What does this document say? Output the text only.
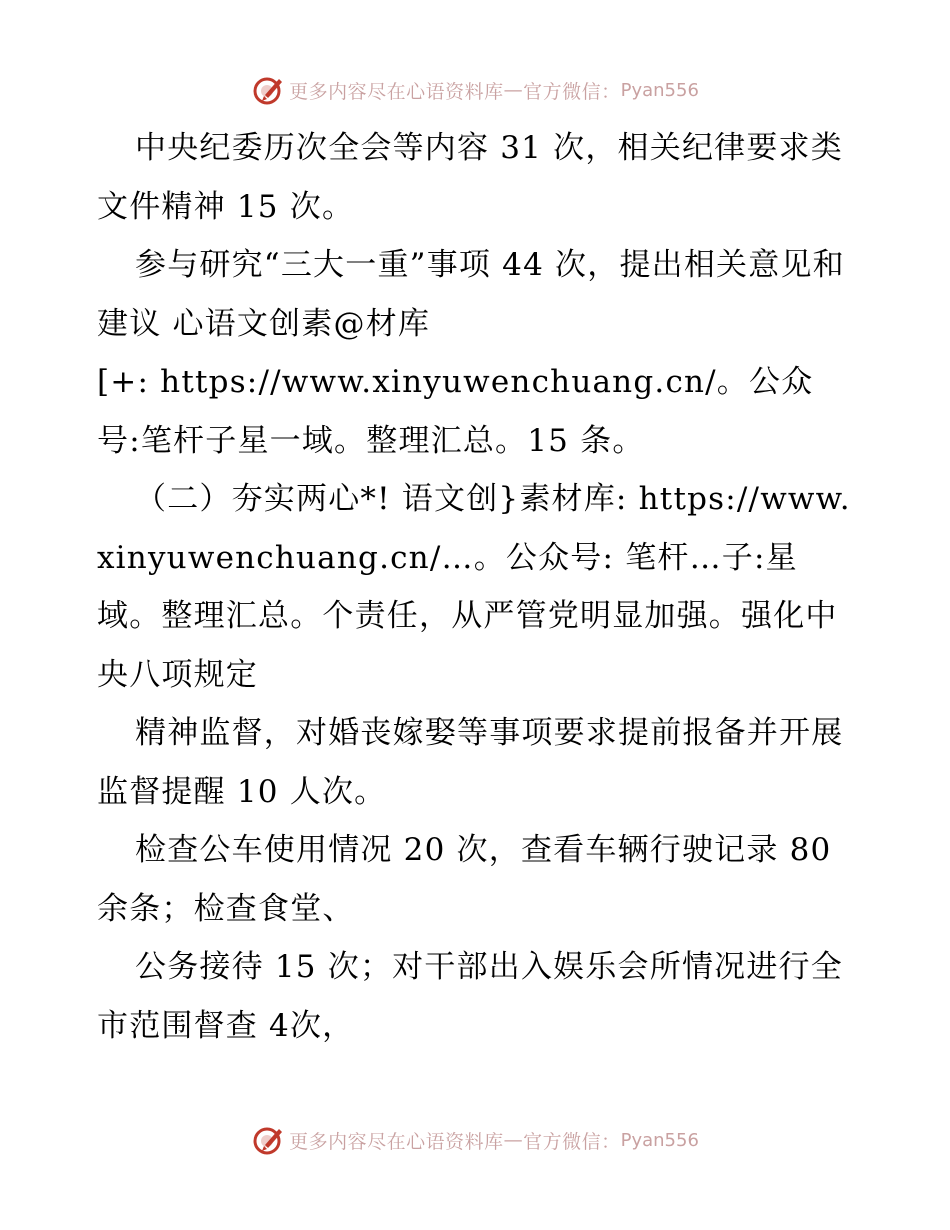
更多内容尽在心语资料库 — 官方微信： Pyan556

中央纪委历次全会等内容 31 次，相关纪律要求类文件精神 15 次。

参与研究“三大一重”事项 44 次，提出相关意见和建议 心语文创素@材库

[+: https://www.xinyuwenchuang.cn/。公众号:笔杆子星一域。整理汇总。15 条。

（二）夯实两心*! 语文创}素材库: https://www.xinyuwenchuang.cn/…。公众号: 笔杆…子:星域。整理汇总。个责任，从严管党明显加强。强化中央八项规定

精神监督，对婚丧嫁娶等事项要求提前报备并开展监督提醒 10 人次。

检查公车使用情况 20 次，查看车辆行驶记录 80 余条；检查食堂、

公务接待 15 次；对干部出入娱乐会所情况进行全市范围督查 4次，

更多内容尽在心语资料库 — 官方微信： Pyan556
